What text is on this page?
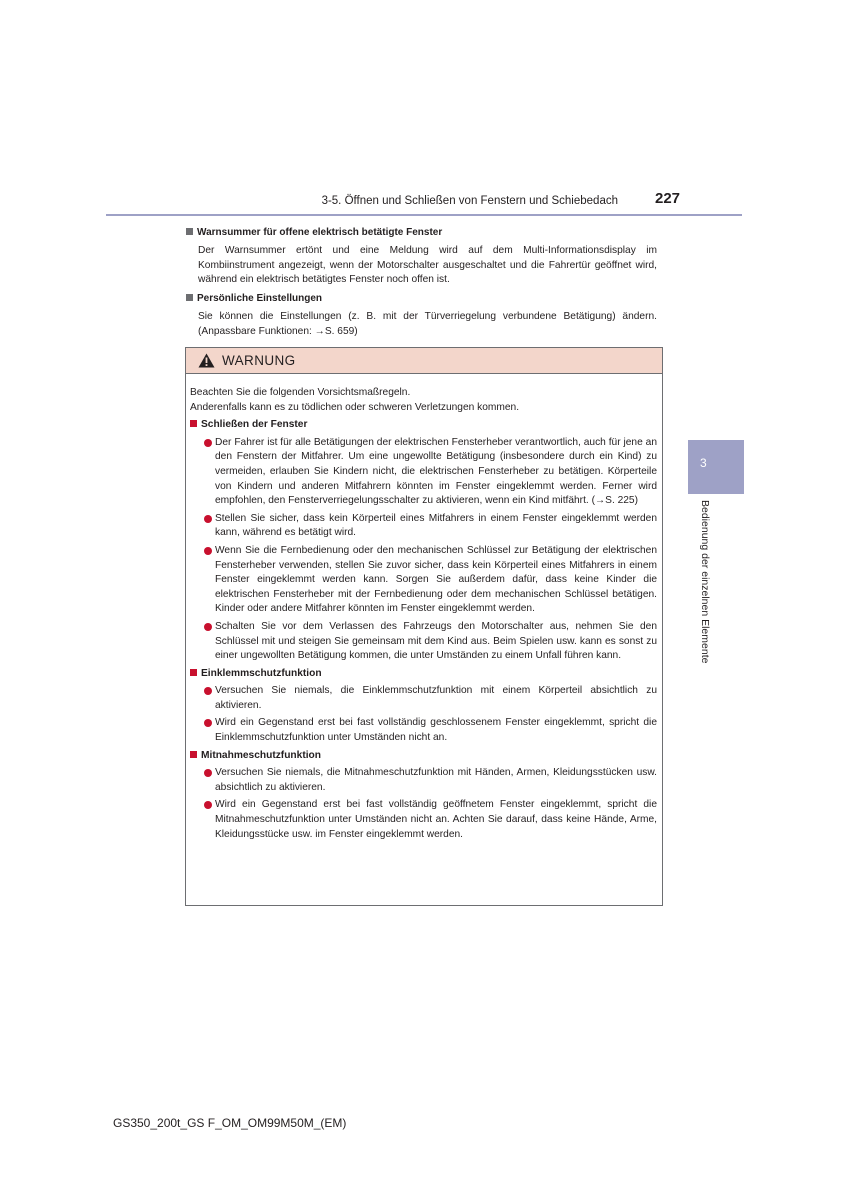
3-5. Öffnen und Schließen von Fenstern und Schiebedach 227
3
Bedienung der einzelnen Elemente
Warnsummer für offene elektrisch betätigte Fenster
Der Warnsummer ertönt und eine Meldung wird auf dem Multi-Informationsdisplay im Kombiinstrument angezeigt, wenn der Motorschalter ausgeschaltet und die Fahrertür geöffnet wird, während ein elektrisch betätigtes Fenster noch offen ist.
Persönliche Einstellungen
Sie können die Einstellungen (z. B. mit der Türverriegelung verbundene Betätigung) ändern. (Anpassbare Funktionen: →S. 659)
WARNUNG

Beachten Sie die folgenden Vorsichtsmaßregeln.

Anderenfalls kann es zu tödlichen oder schweren Verletzungen kommen.

Schließen der Fenster
Der Fahrer ist für alle Betätigungen der elektrischen Fensterheber verantwortlich, auch für jene an den Fenstern der Mitfahrer. Um eine ungewollte Betätigung (insbesondere durch ein Kind) zu vermeiden, erlauben Sie Kindern nicht, die elektrischen Fensterheber zu betätigen. Körperteile von Kindern und anderen Mitfahrern könnten im Fenster eingeklemmt werden. Ferner wird empfohlen, den Fensterverriegelungsschalter zu aktivieren, wenn ein Kind mitfährt. (→S. 225)
Stellen Sie sicher, dass kein Körperteil eines Mitfahrers in einem Fenster eingeklemmt werden kann, während es betätigt wird.
Wenn Sie die Fernbedienung oder den mechanischen Schlüssel zur Betätigung der elektrischen Fensterheber verwenden, stellen Sie zuvor sicher, dass kein Körperteil eines Mitfahrers in einem Fenster eingeklemmt werden kann. Sorgen Sie außerdem dafür, dass keine Kinder die elektrischen Fensterheber mit der Fernbedienung oder dem mechanischen Schlüssel betätigen. Kinder oder andere Mitfahrer könnten im Fenster eingeklemmt werden.
Schalten Sie vor dem Verlassen des Fahrzeugs den Motorschalter aus, nehmen Sie den Schlüssel mit und steigen Sie gemeinsam mit dem Kind aus. Beim Spielen usw. kann es sonst zu einer ungewollten Betätigung kommen, die unter Umständen zu einem Unfall führen kann.
Einklemmschutzfunktion
Versuchen Sie niemals, die Einklemmschutzfunktion mit einem Körperteil absichtlich zu aktivieren.
Wird ein Gegenstand erst bei fast vollständig geschlossenem Fenster eingeklemmt, spricht die Einklemmschutzfunktion unter Umständen nicht an.
Mitnahmeschutzfunktion
Versuchen Sie niemals, die Mitnahmeschutzfunktion mit Händen, Armen, Kleidungsstücken usw. absichtlich zu aktivieren.
Wird ein Gegenstand erst bei fast vollständig geöffnetem Fenster eingeklemmt, spricht die Mitnahmeschutzfunktion unter Umständen nicht an. Achten Sie darauf, dass keine Hände, Arme, Kleidungsstücke usw. im Fenster eingeklemmt werden.
GS350_200t_GS F_OM_OM99M50M_(EM)
